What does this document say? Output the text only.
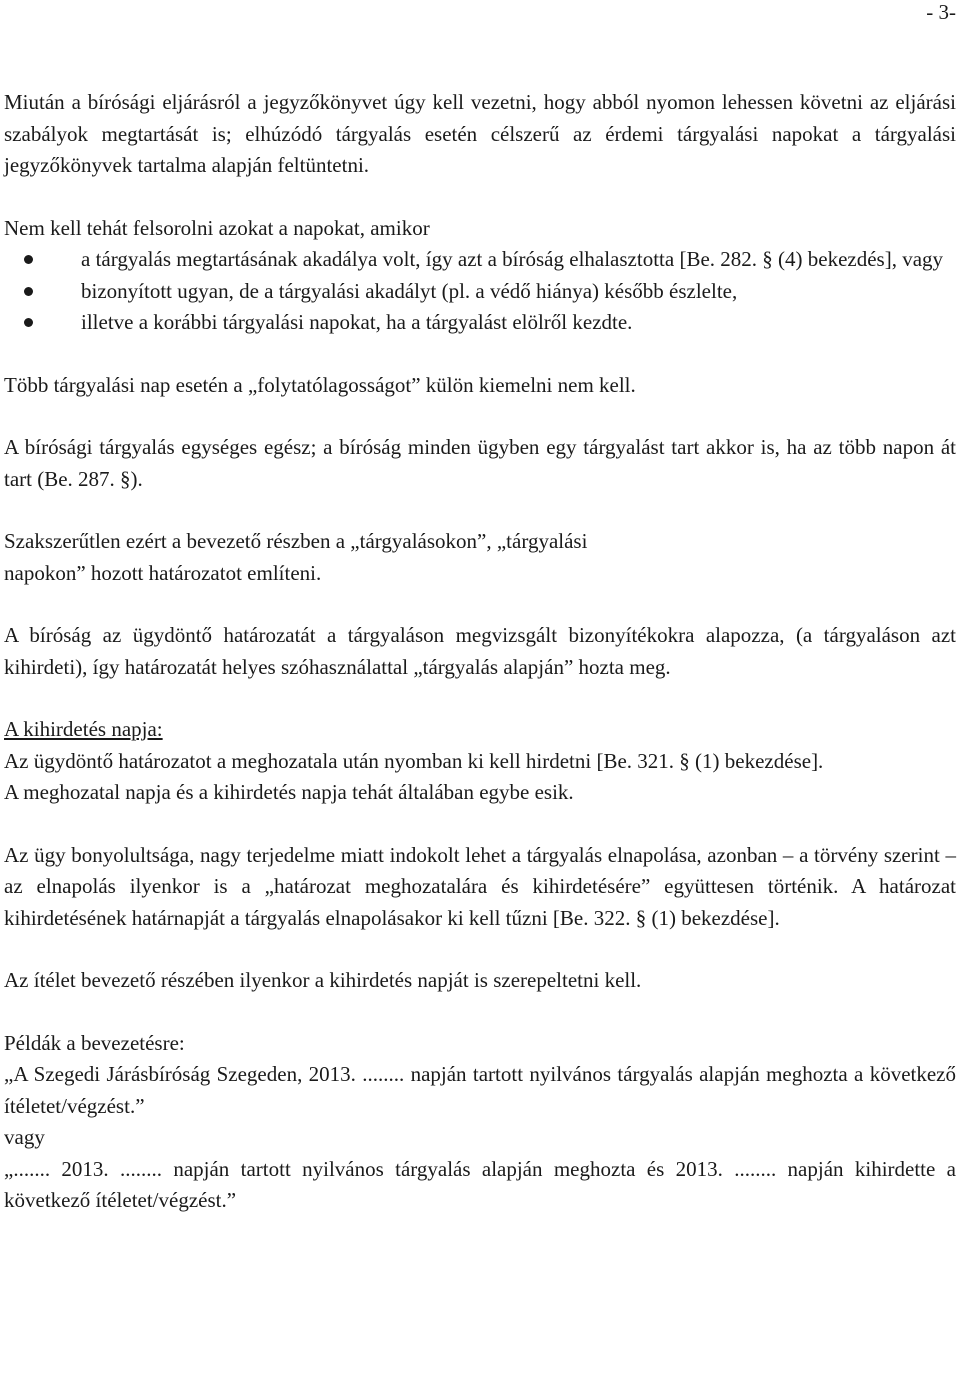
- 3-

Miután a bírósági eljárásról a jegyzőkönyvet úgy kell vezetni, hogy abból nyomon lehessen követni az eljárási szabályok megtartását is; elhúzódó tárgyalás esetén célszerű az érdemi tárgyalási napokat a tárgyalási jegyzőkönyvek tartalma alapján feltüntetni.

Nem kell tehát felsorolni azokat a napokat, amikor

a tárgyalás megtartásának akadálya volt, így azt a bíróság elhalasztotta [Be. 282. § (4) bekezdés], vagy
bizonyított ugyan, de a tárgyalási akadályt (pl. a védő hiánya) később észlelte,
illetve a korábbi tárgyalási napokat, ha a tárgyalást elölről kezdte.

Több tárgyalási nap esetén a „folytatólagosságot” külön kiemelni nem kell.

A bírósági tárgyalás egységes egész; a bíróság minden ügyben egy tárgyalást tart akkor is, ha az több napon át tart (Be. 287. §).

Szakszerűtlen ezért a bevezető részben a „tárgyalásokon”, „tárgyalási napokon” hozott határozatot említeni.

A bíróság az ügydöntő határozatát a tárgyaláson megvizsgált bizonyítékokra alapozza, (a tárgyaláson azt kihirdeti), így határozatát helyes szóhasználattal „tárgyalás alapján” hozta meg.

A kihirdetés napja:

Az ügydöntő határozatot a meghozatala után nyomban ki kell hirdetni [Be. 321. § (1) bekezdése].

A meghozatal napja és a kihirdetés napja tehát általában egybe esik.

Az ügy bonyolultsága, nagy terjedelme miatt indokolt lehet a tárgyalás elnapolása, azonban – a törvény szerint – az elnapolás ilyenkor is a „határozat meghozatalára és kihirdetésére” együttesen történik. A határozat kihirdetésének határnapját a tárgyalás elnapolásakor ki kell tűzni [Be. 322. § (1) bekezdése].

Az ítélet bevezető részében ilyenkor a kihirdetés napját is szerepeltetni kell.

Példák a bevezetésre:

„A Szegedi Járásbíróság Szegeden, 2013. ........ napján tartott nyilvános tárgyalás alapján meghozta a következő ítéletet/végzést.”

vagy

„....... 2013. ........ napján tartott nyilvános tárgyalás alapján meghozta és 2013. ........ napján kihirdette a következő ítéletet/végzést.”
